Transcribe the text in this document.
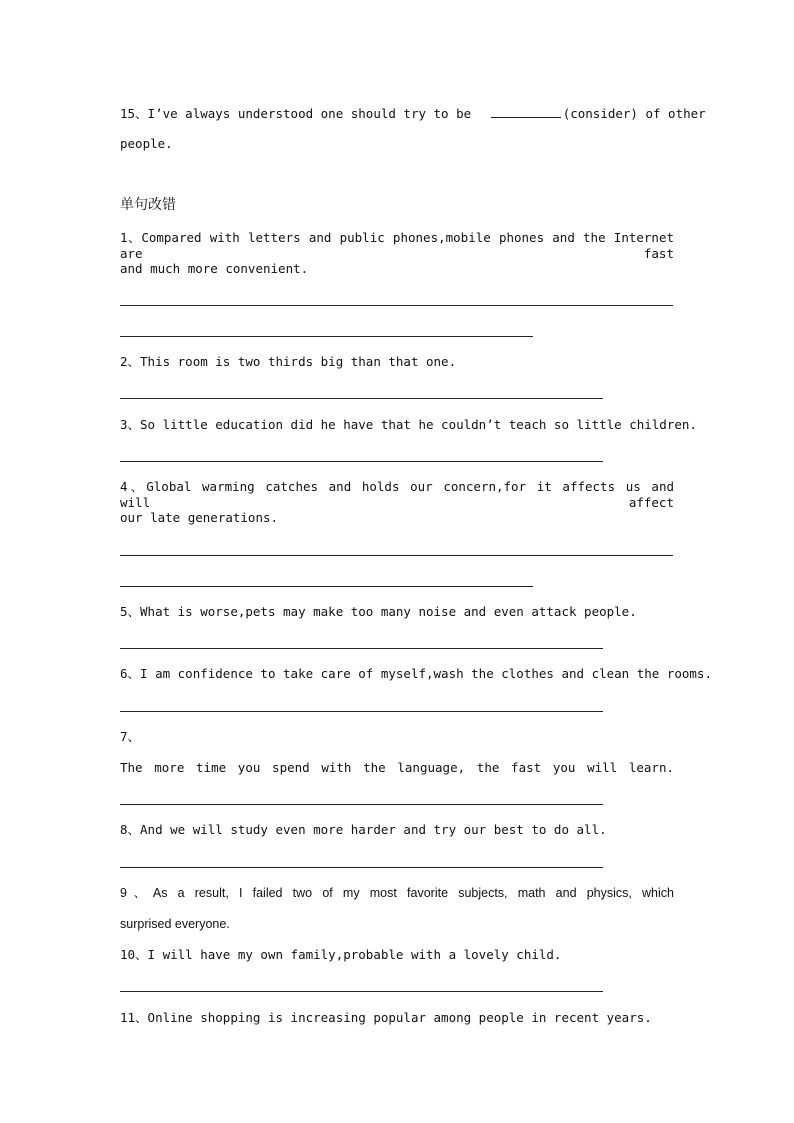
15、I’ve always understood one should try to be	(consider) of other
people.
单句改错
1、Compared with letters and public phones,mobile phones and the Internet are fast
and much more convenient.
2、This room is two thirds big than that one.
3、So little education did he have that he couldn’t teach so little children.
4、Global warming catches and holds our concern,for it affects us and will affect
our late generations.
5、What is worse,pets may make too many noise and even attack people.
6、I am confidence to take care of myself,wash the clothes and clean the rooms.
7、
The more time you spend with the language, the fast you will learn.
8、And we will study even more harder and try our best to do all.
9、As a result, I failed two of my most favorite subjects, math and physics, which
surprised everyone.
10、I will have my own family,probable with a lovely child.
11、Online shopping is increasing popular among people in recent years.
